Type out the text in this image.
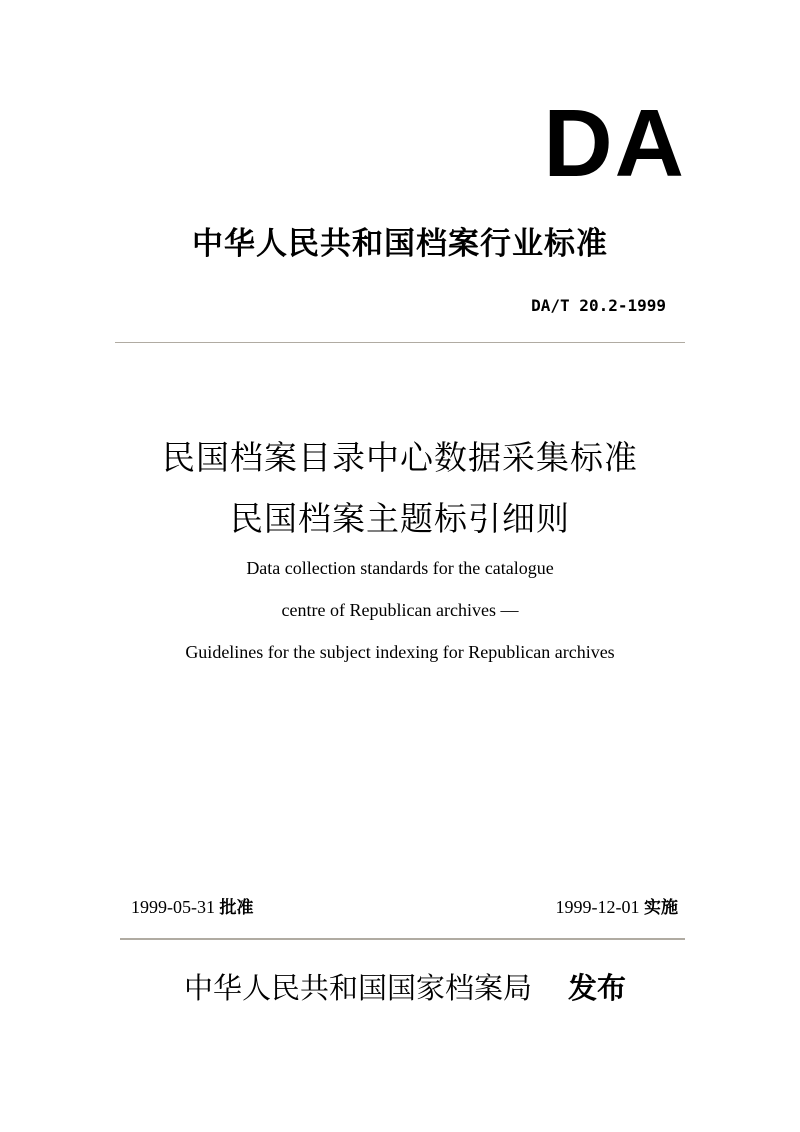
DA
中华人民共和国档案行业标准
DA/T 20.2-1999
民国档案目录中心数据采集标准
民国档案主题标引细则
Data collection standards for the catalogue
centre of Republican archives —
Guidelines for the subject indexing for Republican archives
1999-05-31 批准	1999-12-01 实施
中华人民共和国国家档案局 发布
